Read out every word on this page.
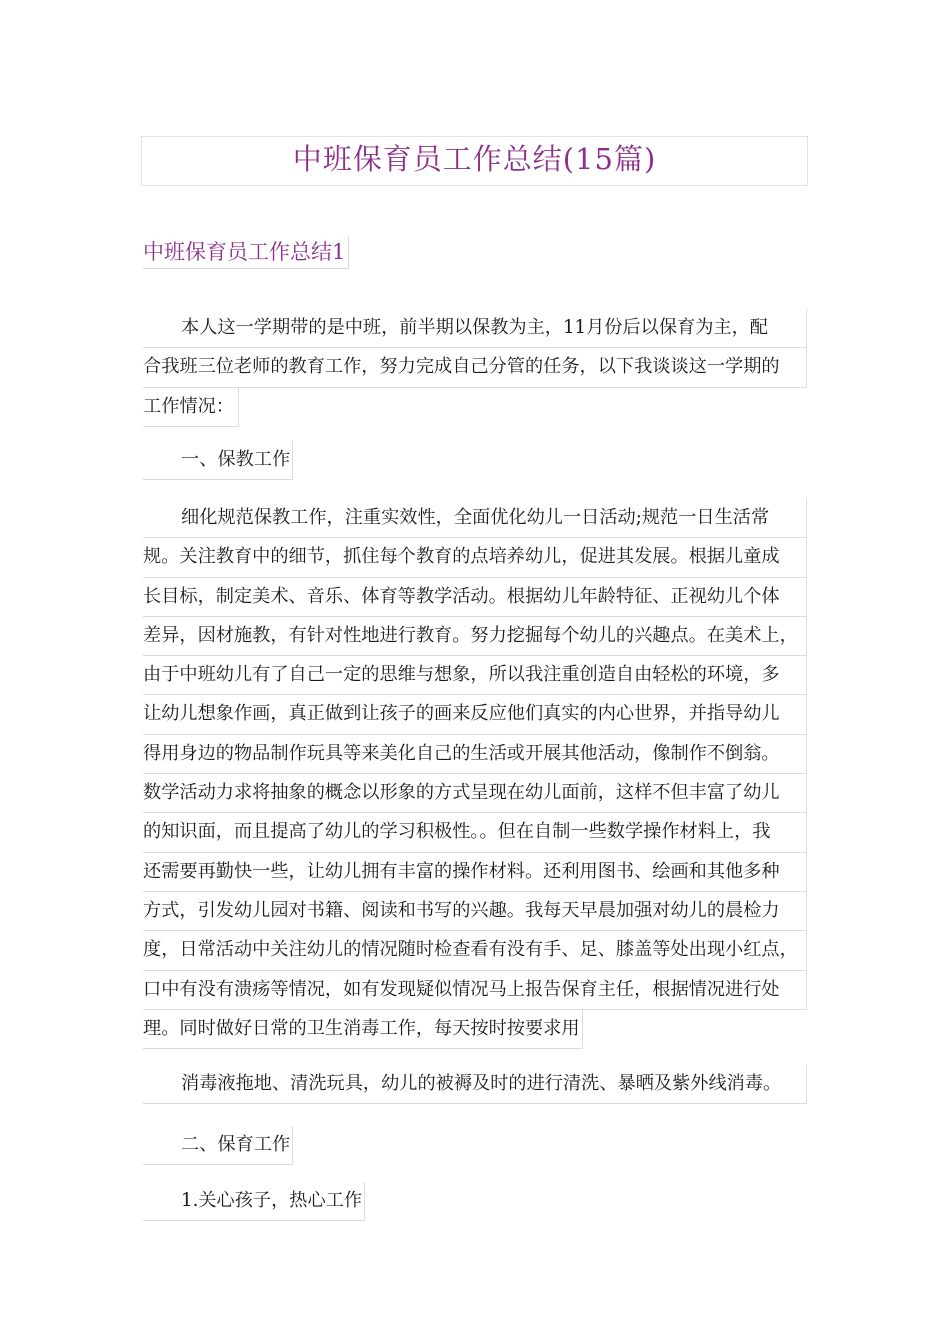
中班保育员工作总结(15篇)
中班保育员工作总结1
本人这一学期带的是中班，前半期以保教为主，11月份后以保育为主，配
合我班三位老师的教育工作，努力完成自己分管的任务，以下我谈谈这一学期的
工作情况：
一、保教工作
细化规范保教工作，注重实效性，全面优化幼儿一日活动;规范一日生活常
规。关注教育中的细节，抓住每个教育的点培养幼儿，促进其发展。根据儿童成
长目标，制定美术、音乐、体育等教学活动。根据幼儿年龄特征、正视幼儿个体
差异，因材施教，有针对性地进行教育。努力挖掘每个幼儿的兴趣点。在美术上，
由于中班幼儿有了自己一定的思维与想象，所以我注重创造自由轻松的环境，多
让幼儿想象作画，真正做到让孩子的画来反应他们真实的内心世界，并指导幼儿
得用身边的物品制作玩具等来美化自己的生活或开展其他活动，像制作不倒翁。
数学活动力求将抽象的概念以形象的方式呈现在幼儿面前，这样不但丰富了幼儿
的知识面，而且提高了幼儿的学习积极性。。但在自制一些数学操作材料上，我
还需要再勤快一些，让幼儿拥有丰富的操作材料。还利用图书、绘画和其他多种
方式，引发幼儿园对书籍、阅读和书写的兴趣。我每天早晨加强对幼儿的晨检力
度，日常活动中关注幼儿的情况随时检查看有没有手、足、膝盖等处出现小红点，
口中有没有溃疡等情况，如有发现疑似情况马上报告保育主任，根据情况进行处
理。同时做好日常的卫生消毒工作，每天按时按要求用
消毒液拖地、清洗玩具，幼儿的被褥及时的进行清洗、暴晒及紫外线消毒。
二、保育工作
1.关心孩子，热心工作
